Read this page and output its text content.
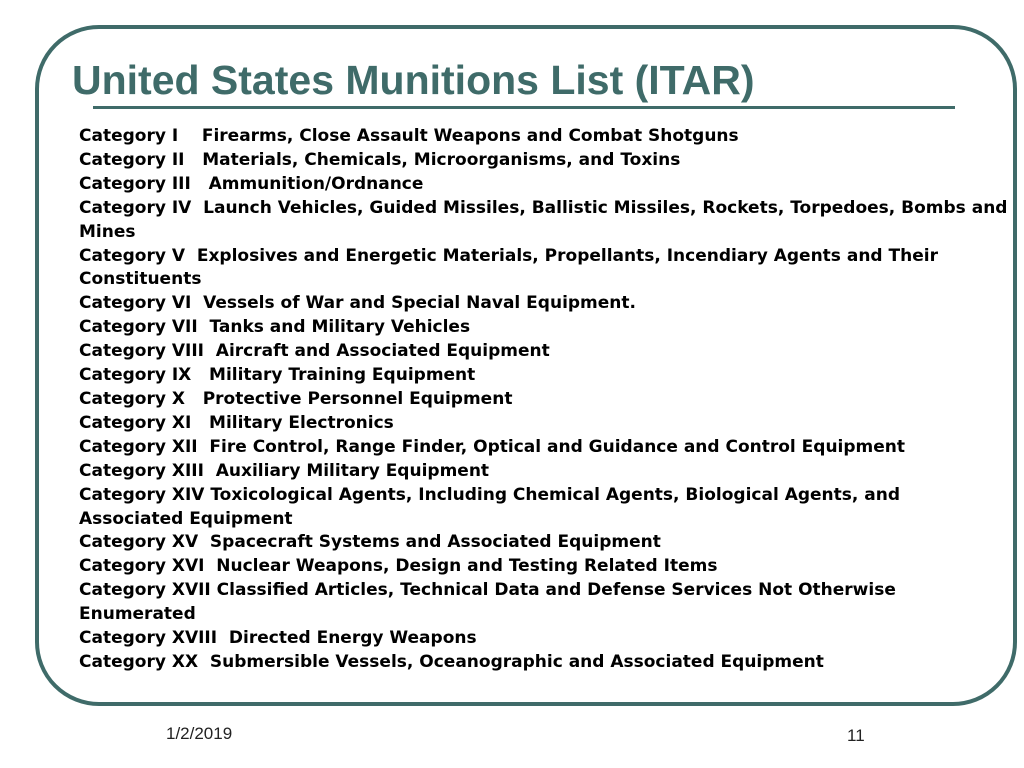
United States Munitions List (ITAR)
Category I    Firearms, Close Assault Weapons and Combat Shotguns
Category II   Materials, Chemicals, Microorganisms, and Toxins
Category III   Ammunition/Ordnance
Category IV  Launch Vehicles, Guided Missiles, Ballistic Missiles, Rockets, Torpedoes, Bombs and Mines
Category V  Explosives and Energetic Materials, Propellants, Incendiary Agents and Their Constituents
Category VI  Vessels of War and Special Naval Equipment.
Category VII  Tanks and Military Vehicles
Category VIII  Aircraft and Associated Equipment
Category IX   Military Training Equipment
Category X   Protective Personnel Equipment
Category XI   Military Electronics
Category XII  Fire Control, Range Finder, Optical and Guidance and Control Equipment
Category XIII  Auxiliary Military Equipment
Category XIV Toxicological Agents, Including Chemical Agents, Biological Agents, and Associated Equipment
Category XV  Spacecraft Systems and Associated Equipment
Category XVI  Nuclear Weapons, Design and Testing Related Items
Category XVII Classified Articles, Technical Data and Defense Services Not Otherwise Enumerated
Category XVIII  Directed Energy Weapons
Category XX  Submersible Vessels, Oceanographic and Associated Equipment
1/2/2019	11
